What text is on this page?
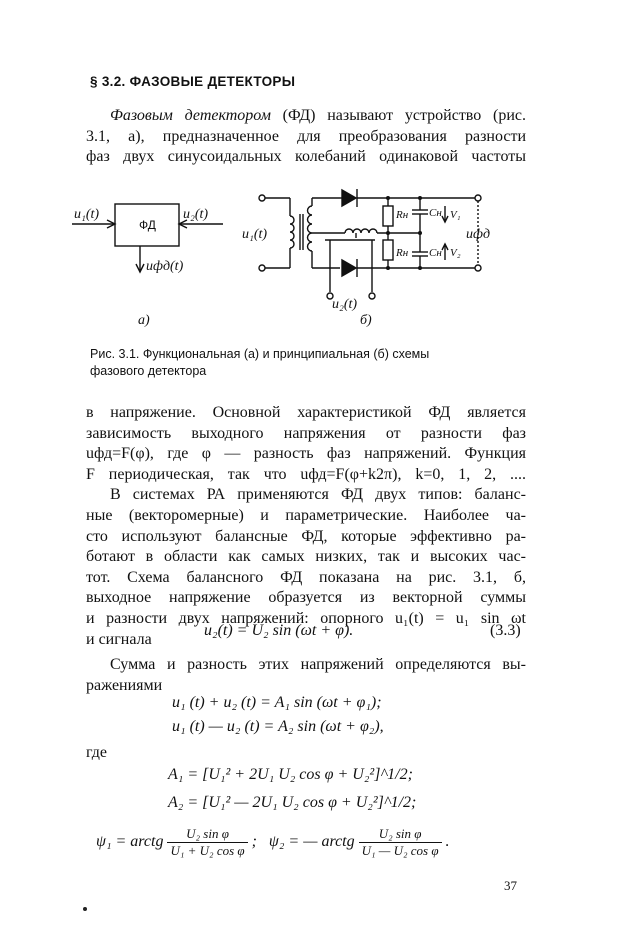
§ 3.2. ФАЗОВЫЕ ДЕТЕКТОРЫ
Фазовым детектором (ФД) называют устройство (рис.
3.1, а), предназначенное для преобразования разности
фаз двух синусоидальных колебаний одинаковой частоты
u₁(t)	u₂(t)
uфд(t)
u₁(t)
u₂(t)
uфд
а)	б)
Rн
Rн
Cн
Cн
V₁
V₂
ФД
Рис. 3.1. Функциональная (а) и принципиальная (б) схемы
фазового детектора
в напряжение. Основной характеристикой ФД является
зависимость выходного напряжения от разности фаз
uфд=F(φ), где φ — разность фаз напряжений. Функция
F периодическая, так что uфд=F(φ+k2π), k=0, 1, 2, ....
В системах РА применяются ФД двух типов: баланс-
ные (векторомерные) и параметрические. Наиболее ча-
сто используют балансные ФД, которые эффективно ра-
ботают в области как самых низких, так и высоких час-
тот. Схема балансного ФД показана на рис. 3.1, б,
выходное напряжение образуется из векторной суммы
и разности двух напряжений: опорного u₁(t) = u₁ sin ωt
и сигнала
u₂(t) = U₂ sin (ωt + φ).	(3.3)
Сумма и разность этих напряжений определяются вы-
ражениями
u₁ (t) + u₂ (t) = A₁ sin (ωt + φ₁);
u₁ (t) — u₂ (t) = A₂ sin (ωt + φ₂),
где
A₁ = [U₁² + 2U₁ U₂ cos φ + U₂²]^1/2;
A₂ = [U₁² — 2U₁ U₂ cos φ + U₂²]^1/2;
ψ₁ = arctg $\frac{\text{U₂ sin φ}}{\text{U₁ + U₂ cos φ}}$ ; ψ₂ = — arctg $\frac{\text{U₂ sin φ}}{\text{U₁ — U₂ cos φ}}$ .
37
